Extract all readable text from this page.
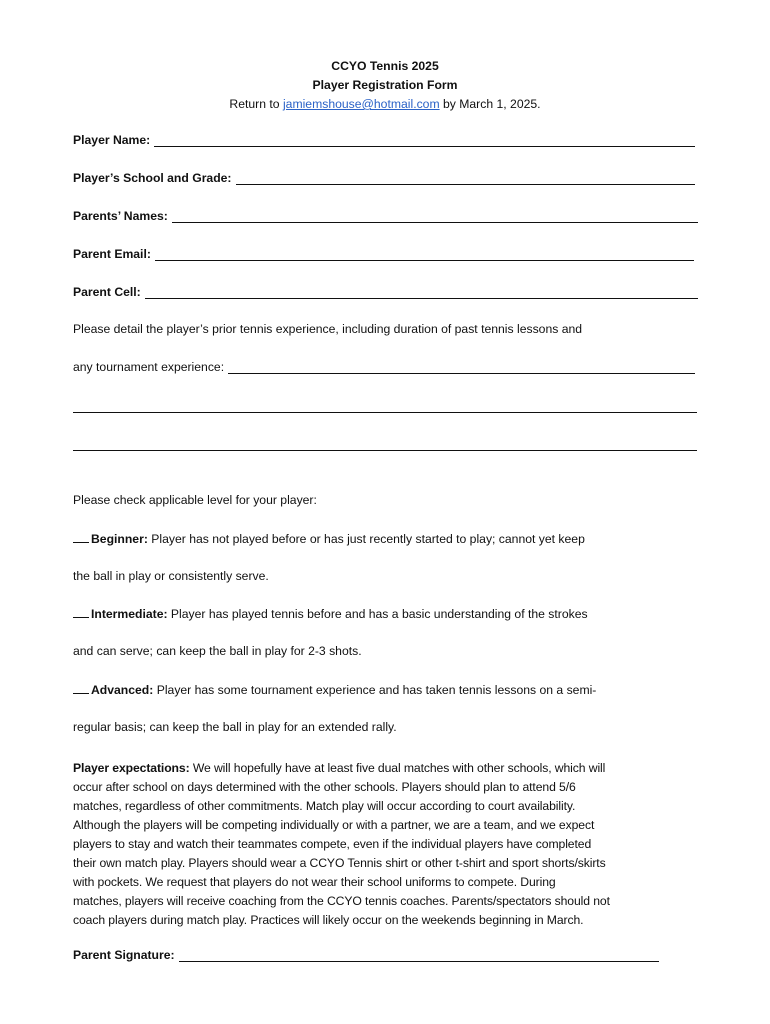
CCYO Tennis 2025
Player Registration Form
Return to jamiemshouse@hotmail.com by March 1, 2025.
Player Name:
Player’s School and Grade:
Parents’ Names:
Parent Email:
Parent Cell:
Please detail the player’s prior tennis experience, including duration of past tennis lessons and
any tournament experience:
Please check applicable level for your player:
Beginner: Player has not played before or has just recently started to play; cannot yet keep
the ball in play or consistently serve.
Intermediate: Player has played tennis before and has a basic understanding of the strokes
and can serve; can keep the ball in play for 2-3 shots.
Advanced: Player has some tournament experience and has taken tennis lessons on a semi-
regular basis; can keep the ball in play for an extended rally.
Player expectations: We will hopefully have at least five dual matches with other schools, which will
occur after school on days determined with the other schools. Players should plan to attend 5/6
matches, regardless of other commitments. Match play will occur according to court availability.
Although the players will be competing individually or with a partner, we are a team, and we expect
players to stay and watch their teammates compete, even if the individual players have completed
their own match play. Players should wear a CCYO Tennis shirt or other t-shirt and sport shorts/skirts
with pockets. We request that players do not wear their school uniforms to compete. During
matches, players will receive coaching from the CCYO tennis coaches. Parents/spectators should not
coach players during match play. Practices will likely occur on the weekends beginning in March.
Parent Signature:
